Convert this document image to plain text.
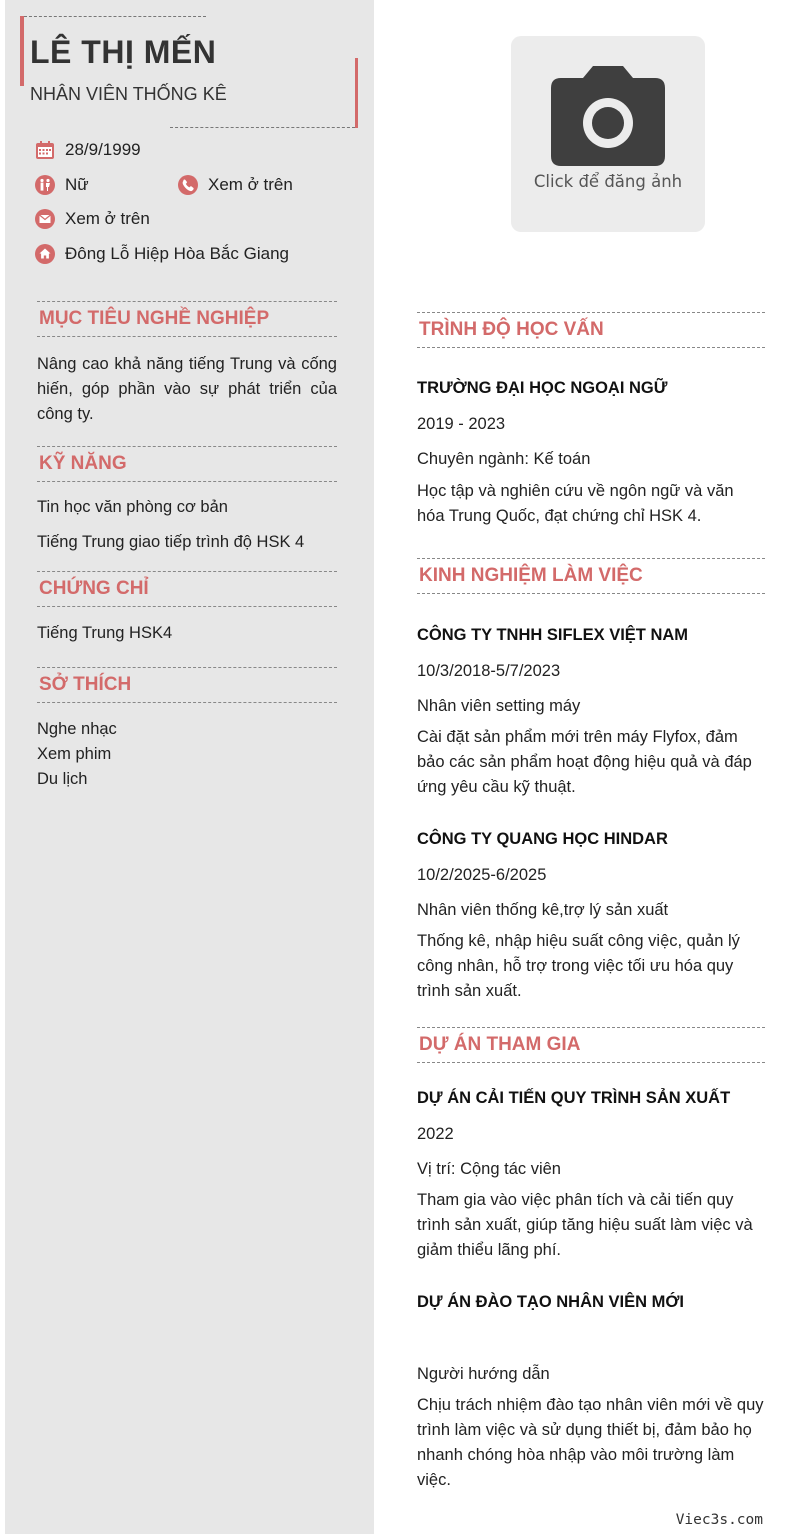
LÊ THỊ MẾN
NHÂN VIÊN THỐNG KÊ
28/9/1999
Nữ	Xem ở trên
Xem ở trên
Đông Lỗ Hiệp Hòa Bắc Giang
MỤC TIÊU NGHỀ NGHIỆP
Nâng cao khả năng tiếng Trung và cống hiến, góp phần vào sự phát triển của công ty.
KỸ NĂNG
Tin học văn phòng cơ bản
Tiếng Trung giao tiếp trình độ HSK 4
CHỨNG CHỈ
Tiếng Trung HSK4
SỞ THÍCH
Nghe nhạc
Xem phim
Du lịch
Click để đăng ảnh
TRÌNH ĐỘ HỌC VẤN
TRƯỜNG ĐẠI HỌC NGOẠI NGỮ
2019 - 2023
Chuyên ngành: Kế toán
Học tập và nghiên cứu về ngôn ngữ và văn hóa Trung Quốc, đạt chứng chỉ HSK 4.
KINH NGHIỆM LÀM VIỆC
CÔNG TY TNHH SIFLEX VIỆT NAM
10/3/2018-5/7/2023
Nhân viên setting máy
Cài đặt sản phẩm mới trên máy Flyfox, đảm bảo các sản phẩm hoạt động hiệu quả và đáp ứng yêu cầu kỹ thuật.
CÔNG TY QUANG HỌC HINDAR
10/2/2025-6/2025
Nhân viên thống kê,trợ lý sản xuất
Thống kê, nhập hiệu suất công việc, quản lý công nhân, hỗ trợ trong việc tối ưu hóa quy trình sản xuất.
DỰ ÁN THAM GIA
DỰ ÁN CẢI TIẾN QUY TRÌNH SẢN XUẤT
2022
Vị trí: Cộng tác viên
Tham gia vào việc phân tích và cải tiến quy trình sản xuất, giúp tăng hiệu suất làm việc và giảm thiểu lãng phí.
DỰ ÁN ĐÀO TẠO NHÂN VIÊN MỚI
Người hướng dẫn
Chịu trách nhiệm đào tạo nhân viên mới về quy trình làm việc và sử dụng thiết bị, đảm bảo họ nhanh chóng hòa nhập vào môi trường làm việc.
Viec3s.com
